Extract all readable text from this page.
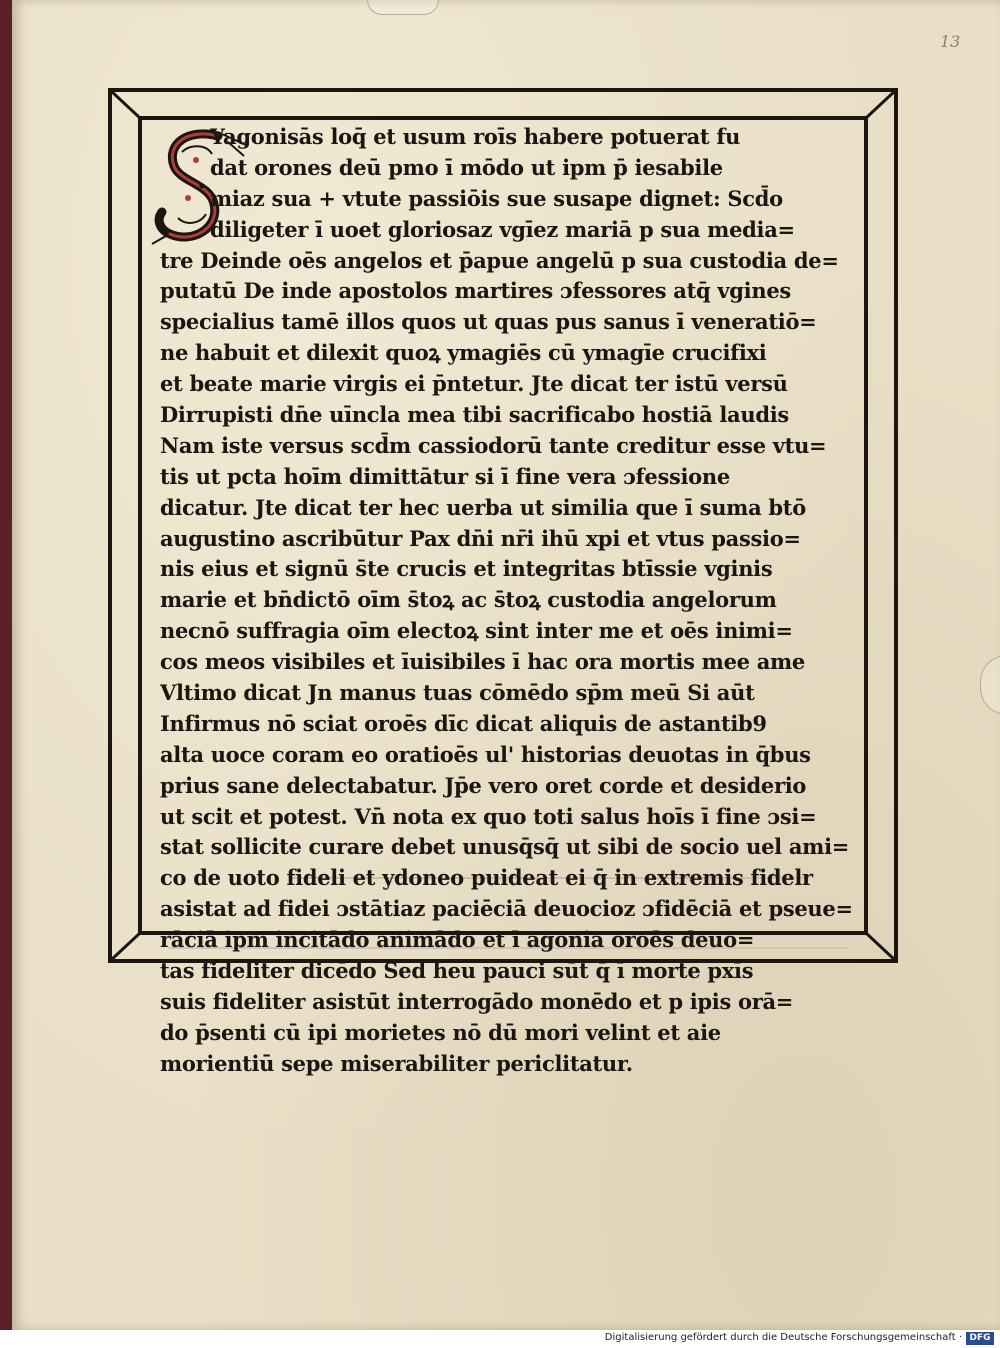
13
Yagonisās loq̄ et usum roīs habere potuerat fu
dat orones deū pmo ī mōdo ut ipm p̄ iesabile
miaz sua + vtute passiōis sue susape dignet: Scd̄o
diligeter ī uoet gloriosaz vgīez mariā p sua media=
tre Deinde oēs angelos et p̄apue angelū p sua custodia de=
putatū De inde apostolos martires ɔfessores atq̄ vgines
specialius tamē illos quos ut quas pus sanus ī veneratiō=
ne habuit et dilexit quoꝝ ymagiēs cū ymagīe crucifixi
et beate marie virgis ei p̄ntetur. Jte dicat ter istū versū
Dirrupisti dn̄e uīncla mea tibi sacrificabo hostiā laudis
Nam iste versus scd̄m cassiodorū tante creditur esse vtu=
tis ut pcta hoīm dimittātur si ī fine vera ɔfessione
dicatur. Jte dicat ter hec uerba ut similia que ī suma btō
augustino ascribūtur Pax dn̄i nr̄i ihū xpi et vtus passio=
nis eius et signū s̄te crucis et integritas btīssie vginis
marie et bn̄dictō oīm s̄toꝝ ac s̄toꝝ custodia angelorum
necnō suffragia oīm electoꝝ sint inter me et oēs inimi=
cos meos visibiles et īuisibiles ī hac ora mortis mee ame
Vltimo dicat Jn manus tuas cōmēdo sp̄m meū Si aūt
Infirmus nō sciat oroēs dīc dicat aliquis de astantib9
alta uoce coram eo oratioēs ul' historias deuotas in q̄bus
prius sane delectabatur. Jp̄e vero oret corde et desiderio
ut scit et potest. Vn̄ nota ex quo toti salus hoīs ī fine ɔsi=
stat sollicite curare debet unusq̄sq̄ ut sibi de socio uel ami=
co de uoto fideli et ydoneo puideat ei q̄ in extremis fidelr
asistat ad fidei ɔstātiaz paciēciā deuocioz ɔfidēciā et pseue=
rāciā ipm incitādo animādo et ī agonia oroēs deuo=
tas fideliter dicēdo Sed heu pauci sūt q̄ ī morte pxīs
suis fideliter asistūt interrogādo monēdo et p ipis orā=
do p̄senti cū ipi morietes nō dū mori velint et aie
morientiū sepe miserabiliter periclitatur.
Digitalisierung gefördert durch die Deutsche Forschungsgemeinschaft · DFG
